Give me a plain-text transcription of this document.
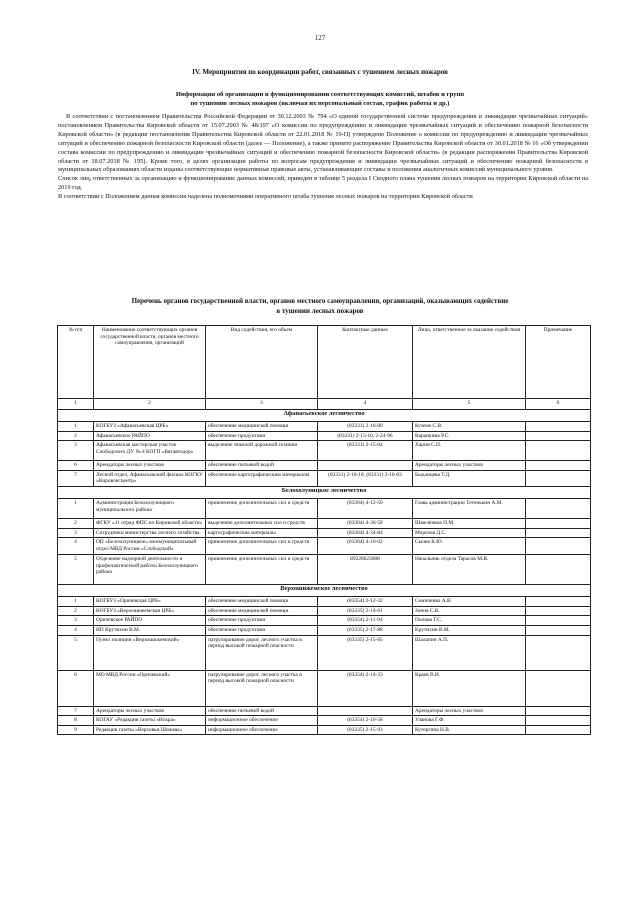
127
IV. Мероприятия по координации работ, связанных с тушением лесных пожаров
Информация об организации и функционировании соответствующих комиссий, штабов и групп
по тушению лесных пожаров (включая их персональный состав, график работы и др.)

В соответствии с постановлением Правительства Российской Федерации от 30.12.2003 № 794 «О единой государственной системе предупреждения и ликвидации чрезвычайных ситуаций» постановлением Правительства Кировской области от 15.07.2003 № 48/197 «О комиссии по предупреждению и ликвидации чрезвычайных ситуаций и обеспечению пожарной безопасности Кировской области» (в редакции постановления Правительства Кировской области от 22.01.2018 № 19-П) утверждено Положение о комиссии по предупреждению и ликвидации чрезвычайных ситуаций и обеспечению пожарной безопасности Кировской области (далее — Положение), а также принято распоряжение Правительства Кировской области от 30.01.2018 № 16 «Об утверждении состава комиссии по предупреждению и ликвидации чрезвычайных ситуаций и обеспечению пожарной безопасности Кировской области» (в редакции распоряжения Правительства Кировской области от 18.07.2018 № 195). Кроме того, в целях организации работы по вопросам предупреждения и ликвидации чрезвычайных ситуаций и обеспечению пожарной безопасности в муниципальных образованиях области изданы соответствующие нормативные правовые акты, устанавливающие составы и положения аналогичных комиссий муниципального уровня.

Список лиц, ответственных за организацию и функционирование данных комиссий, приведен в таблице 5 раздела I Сводного плана тушения лесных пожаров на территории Кировской области на 2019 год.

В соответствии с Положением данная комиссия наделена полномочиями оперативного штаба тушения лесных пожаров на территории Кировской области

Перечень органов государственной власти, органов местного самоуправления, организаций, оказывающих содействие
в тушении лесных пожаров
№ п/п	Наименование соответствующих органов государственной власти, органов местного самоуправления, организаций	Вид содействия, его объем	Контактные данные	Лицо, ответственное за оказание содействия	Примечание
1	2	3	4	5	6
Афанасьевское лесничество					
1	КОГБУЗ «Афанасьевская ЦРБ»	обеспечение медицинской помощи	(83331) 2-16-80	Куземе С.В.	
2	Афанасьевское РАЙПО	обеспечение продуктами	(83331) 2-15-10, 2-24-96	Варанкина Р.С.	
3	Афанасьевская мастерская участок Слободского ДУ № 4 КОГП «Вятавтодор»	выделение тяжелой дорожной техники	(83331) 2-15-04	Харин С.П.	
6	Арендаторы лесных участков	обеспечение питьевой водой		Арендаторы лесных участков	
7	Лесной отдел, Афанасьевский филиал КОГКУ «Кировлесцентр»	обеспечение картографическим материалом	(83331) 2-16-18, (83331) 2-16-03	Быданцева Т.Д.	
Белохолуницкое лесничество					
1	Администрация Белохолуницкого муниципального района	привлечение дополнительных сил и средств	(83364) 4-12-50	Глава администрации Тетенькин А.М.	
2	ФГКУ «11 отряд ФПС по Кировской области»	выделение дополнительных сил и средств	(83364) 4-36-58	Шмелёнков П.М.	
3	Сотрудники министерства лесного хозяйства	картографические материалы	(83364) 4-34-84	Морозов Д.С.	
4	ОП «Белохолуницкое» межмуниципальный отдел МВД России «Слободской»	привлечение дополнительных сил и средств	(83364) 4-10-02	Сычев К.Ю.	
5	Отделение надзорной деятельности и профилактической работы Белохолуницкого района	привлечение дополнительных сил и средств	89226623088	Начальник отдела Тарасов М.В.	
Верхошижемское лесничество					
1	КОГБУЗ «Оричевская ЦРБ»	обеспечение медицинской помощи	(83354) 2-12-32	Семиченко А.В.	
2	КОГБУЗ «Верхошижемская ЦРБ»	обеспечение медицинской помощи	(83335) 2-14-61	Зонов С.В.	
3	Оричевское РАЙПО	обеспечение продуктами	(83354) 2-11-94	Попова Г.С.	
4	ИП Крутихин В.М.	обеспечение продуктами	(83335) 2-17-88	Крутихин В.М.	
5	Пункт полиции «Верхошижемский»	патрулирование дорог, лесного участка в период высокой пожарной опасности	(83335) 2-15-85	Шалапин А.П.	
6	МО МВД России «Оричевский»	патрулирование дорог, лесного участка в период высокой пожарной опасности	(83354) 2-14-33	Краев В.И.	
7	Арендаторы лесных участков	обеспечение питьевой водой		Арендаторы лесных участков	
8	КОГАУ «Редакция газеты «Искра»	информационное обеспечение	(83354) 2-10-58	Уланова Г.Ф.	
9	Редакция газеты «Верховья Шижмы»	информационное обеспечение	(83335) 2-15-93	Кутергина Н.В.	
